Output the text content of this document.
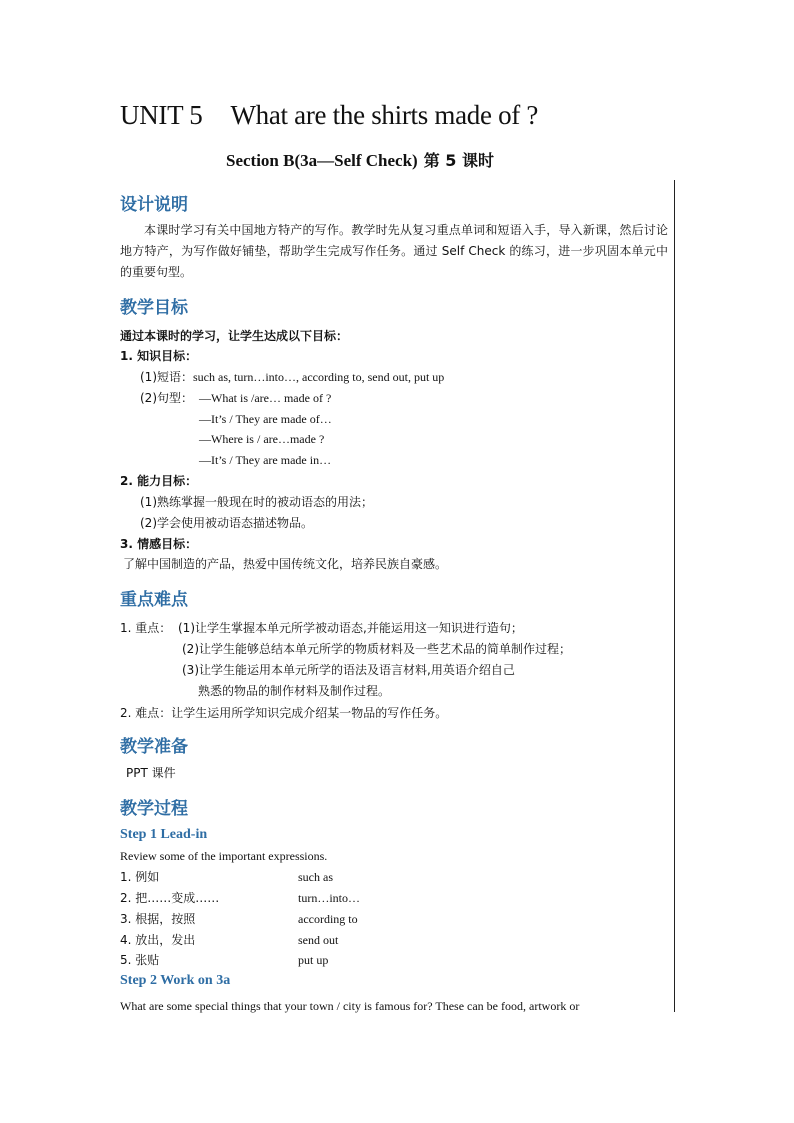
UNIT 5 What are the shirts made of ?
Section B(3a—Self Check) 第 5 课时
设计说明
本课时学习有关中国地方特产的写作。教学时先从复习重点单词和短语入手，导入新课，然后讨论地方特产，为写作做好铺垫，帮助学生完成写作任务。通过 Self Check 的练习，进一步巩固本单元中的重要句型。
教学目标
通过本课时的学习，让学生达成以下目标：
1. 知识目标：
(1)短语：such as, turn…into…, according to, send out, put up
(2)句型： —What is /are… made of ?
—It’s / They are made of…
—Where is / are…made ?
—It’s / They are made in…
2. 能力目标：
(1)熟练掌握一般现在时的被动语态的用法；
(2)学会使用被动语态描述物品。
3. 情感目标：
了解中国制造的产品，热爱中国传统文化，培养民族自豪感。
重点难点
1. 重点： (1)让学生掌握本单元所学被动语态,并能运用这一知识进行造句；
(2)让学生能够总结本单元所学的物质材料及一些艺术品的简单制作过程；
(3)让学生能运用本单元所学的语法及语言材料,用英语介绍自己
熟悉的物品的制作材料及制作过程。
2. 难点：让学生运用所学知识完成介绍某一物品的写作任务。
教学准备
PPT 课件
教学过程
Step 1 Lead-in
Review some of the important expressions.
1. 例如	such as
2. 把……变成……	turn…into…
3. 根据，按照	according to
4. 放出，发出	send out
5. 张贴	put up
Step 2 Work on 3a
What are some special things that your town / city is famous for? These can be food, artwork or
